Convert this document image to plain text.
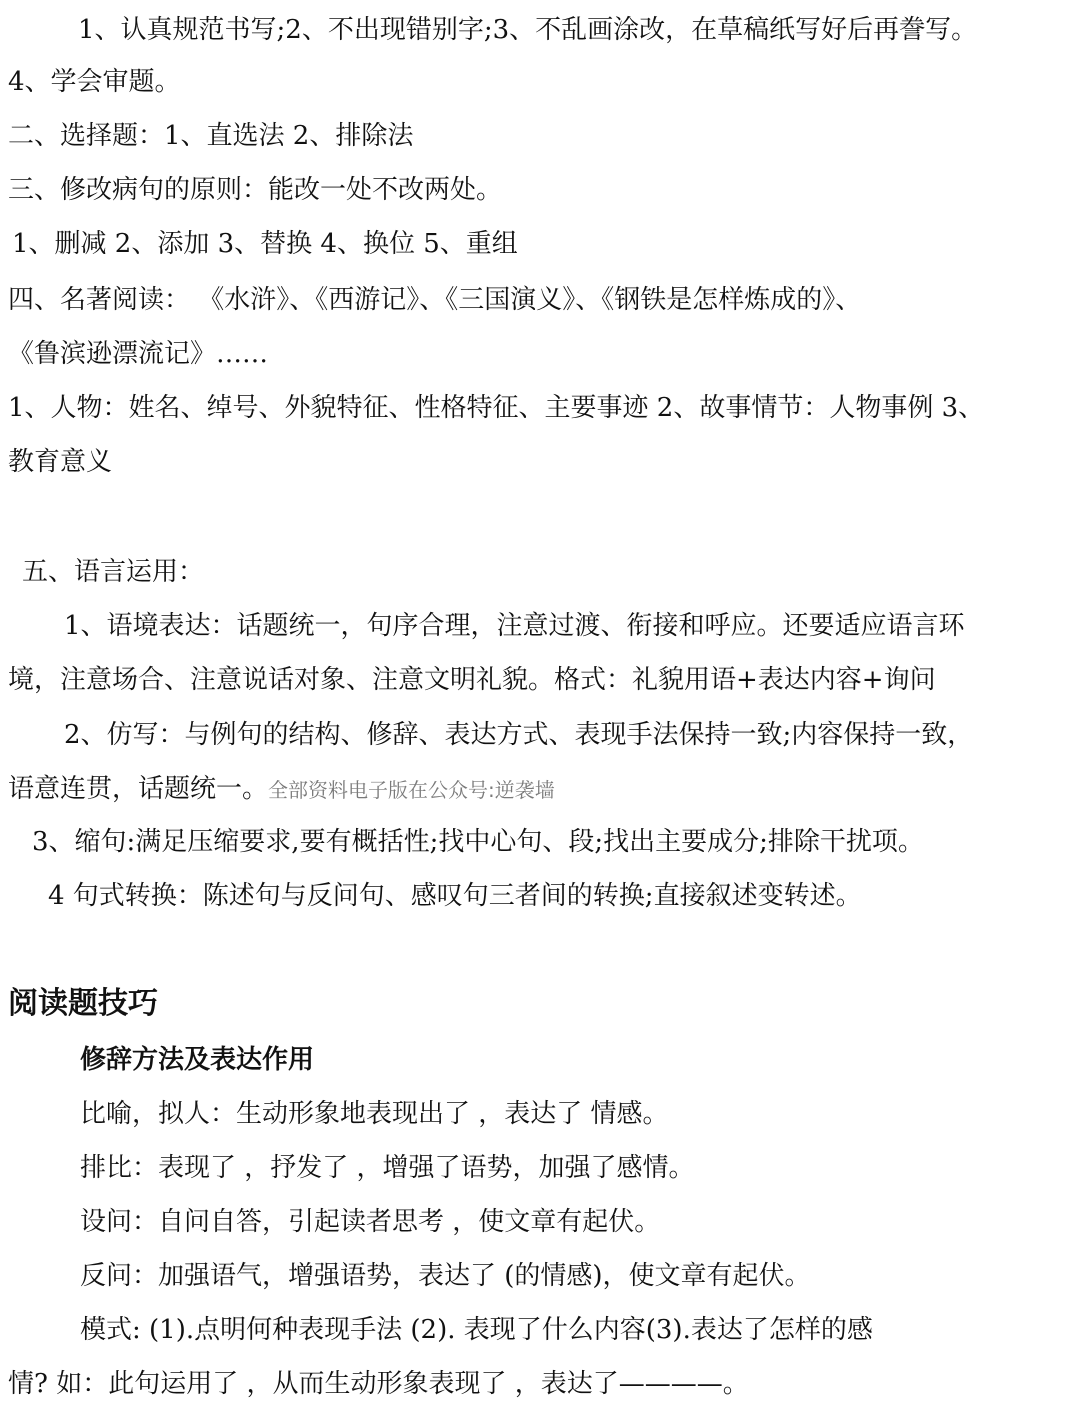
1、认真规范书写;2、不出现错别字;3、不乱画涂改，在草稿纸写好后再誊写。
4、学会审题。
二、选择题：1、直选法 2、排除法
三、修改病句的原则：能改一处不改两处。
1、删减 2、添加 3、替换 4、换位 5、重组
四、名著阅读： 《水浒》、《西游记》、《三国演义》、《钢铁是怎样炼成的》、
《鲁滨逊漂流记》……
1、人物：姓名、绰号、外貌特征、性格特征、主要事迹 2、故事情节：人物事例 3、
教育意义
五、语言运用：
1、语境表达：话题统一，句序合理，注意过渡、衔接和呼应。还要适应语言环
境，注意场合、注意说话对象、注意文明礼貌。格式：礼貌用语+表达内容+询问
2、仿写：与例句的结构、修辞、表达方式、表现手法保持一致;内容保持一致，
语意连贯，话题统一。全部资料电子版在公众号:逆袭墙
3、缩句:满足压缩要求,要有概括性;找中心句、段;找出主要成分;排除干扰项。
4 句式转换：陈述句与反问句、感叹句三者间的转换;直接叙述变转述。
阅读题技巧
修辞方法及表达作用
比喻，拟人：生动形象地表现出了 ，表达了 情感。
排比：表现了 ，抒发了 ，增强了语势，加强了感情。
设问：自问自答，引起读者思考 ，使文章有起伏。
反问：加强语气，增强语势，表达了 (的情感)，使文章有起伏。
模式: (1).点明何种表现手法 (2). 表现了什么内容(3).表达了怎样的感
情? 如：此句运用了 ，从而生动形象表现了 ，表达了————。
